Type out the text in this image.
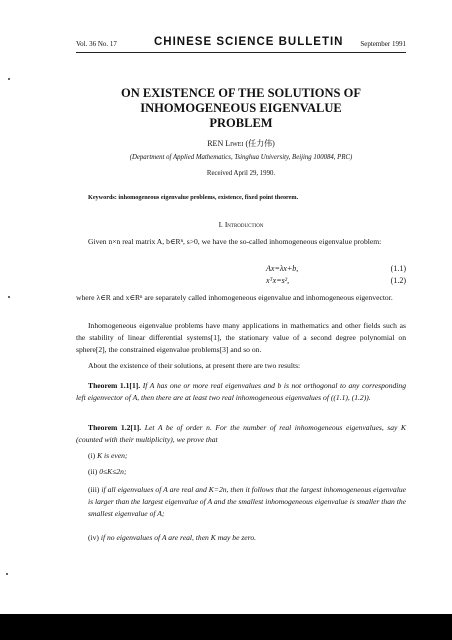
Vol. 36 No. 17	CHINESE SCIENCE BULLETIN September 1991
ON EXISTENCE OF THE SOLUTIONS OF
INHOMOGENEOUS EIGENVALUE
PROBLEM
REN Liwei (任力伟)
(Department of Applied Mathematics, Tsinghua University, Beijing 100084, PRC)
Received April 29, 1990.
Keywords: inhomogeneous eigenvalue problems, existence, fixed point theorem.
I. Introduction
Given n×n real matrix A, b∈Rⁿ, s>0, we have the so-called inhomogeneous eigenvalue problem:
Ax=λx+b,	(1.1)
xᵀx=s²,	(1.2)
where λ∈R and x∈Rⁿ are separately called inhomogeneous eigenvalue and inhomogeneous eigenvector.
Inhomogeneous eigenvalue problems have many applications in mathematics and other fields such as the stability of linear differential systems[1], the stationary value of a second degree polynomial on sphere[2], the constrained eigenvalue problems[3] and so on.
About the existence of their solutions, at present there are two results:
Theorem 1.1[1]. If A has one or more real eigenvalues and b is not orthogonal to any corresponding left eigenvector of A, then there are at least two real inhomogeneous eigenvalues of ((1.1), (1.2)).
Theorem 1.2[1]. Let A be of order n. For the number of real inhomogeneous eigenvalues, say K (counted with their multiplicity), we prove that
(i) K is even;
(ii) 0≤K≤2n;
(iii) if all eigenvalues of A are real and K=2n, then it follows that the largest inhomogeneous eigenvalue is larger than the largest eigenvalue of A and the smallest inhomogeneous eigenvalue is smaller than the smallest eigenvalue of A;
(iv) if no eigenvalues of A are real, then K may be zero.
